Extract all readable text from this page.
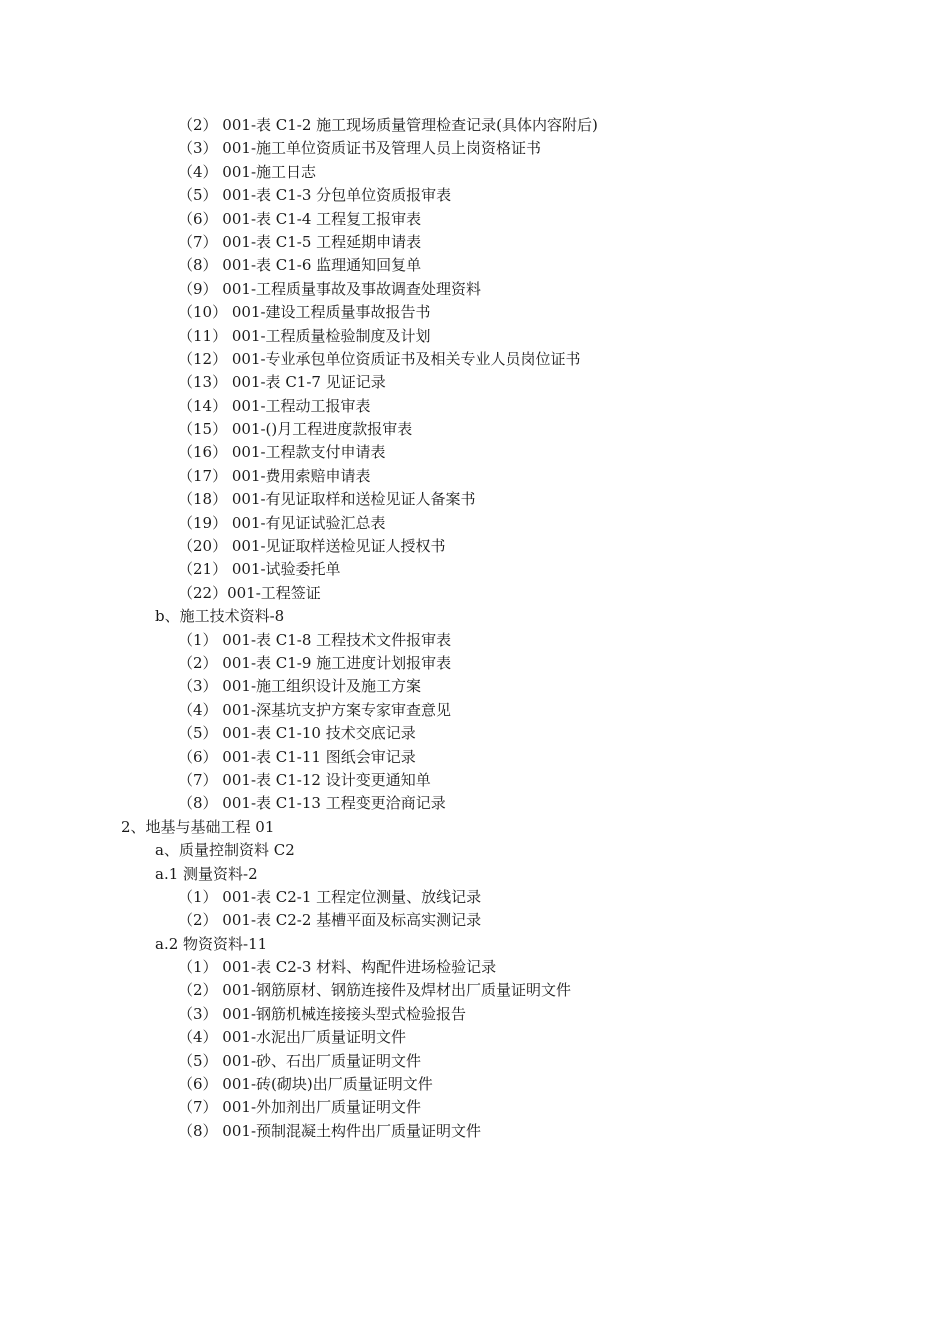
（2） 001-表 C1-2 施工现场质量管理检查记录(具体内容附后)
（3） 001-施工单位资质证书及管理人员上岗资格证书
（4） 001-施工日志
（5） 001-表 C1-3 分包单位资质报审表
（6） 001-表 C1-4 工程复工报审表
（7） 001-表 C1-5 工程延期申请表
（8） 001-表 C1-6 监理通知回复单
（9） 001-工程质量事故及事故调查处理资料
（10） 001-建设工程质量事故报告书
（11） 001-工程质量检验制度及计划
（12） 001-专业承包单位资质证书及相关专业人员岗位证书
（13） 001-表 C1-7 见证记录
（14） 001-工程动工报审表
（15） 001-()月工程进度款报审表
（16） 001-工程款支付申请表
（17） 001-费用索赔申请表
（18） 001-有见证取样和送检见证人备案书
（19） 001-有见证试验汇总表
（20） 001-见证取样送检见证人授权书
（21） 001-试验委托单
（22）001-工程签证
b、施工技术资料-8
（1） 001-表 C1-8 工程技术文件报审表
（2） 001-表 C1-9 施工进度计划报审表
（3） 001-施工组织设计及施工方案
（4） 001-深基坑支护方案专家审查意见
（5） 001-表 C1-10 技术交底记录
（6） 001-表 C1-11 图纸会审记录
（7） 001-表 C1-12 设计变更通知单
（8） 001-表 C1-13 工程变更洽商记录
2、地基与基础工程 01
a、质量控制资料 C2
a.1 测量资料-2
（1） 001-表 C2-1 工程定位测量、放线记录
（2） 001-表 C2-2 基槽平面及标高实测记录
a.2 物资资料-11
（1） 001-表 C2-3 材料、构配件进场检验记录
（2） 001-钢筋原材、钢筋连接件及焊材出厂质量证明文件
（3） 001-钢筋机械连接接头型式检验报告
（4） 001-水泥出厂质量证明文件
（5） 001-砂、石出厂质量证明文件
（6） 001-砖(砌块)出厂质量证明文件
（7） 001-外加剂出厂质量证明文件
（8） 001-预制混凝土构件出厂质量证明文件
